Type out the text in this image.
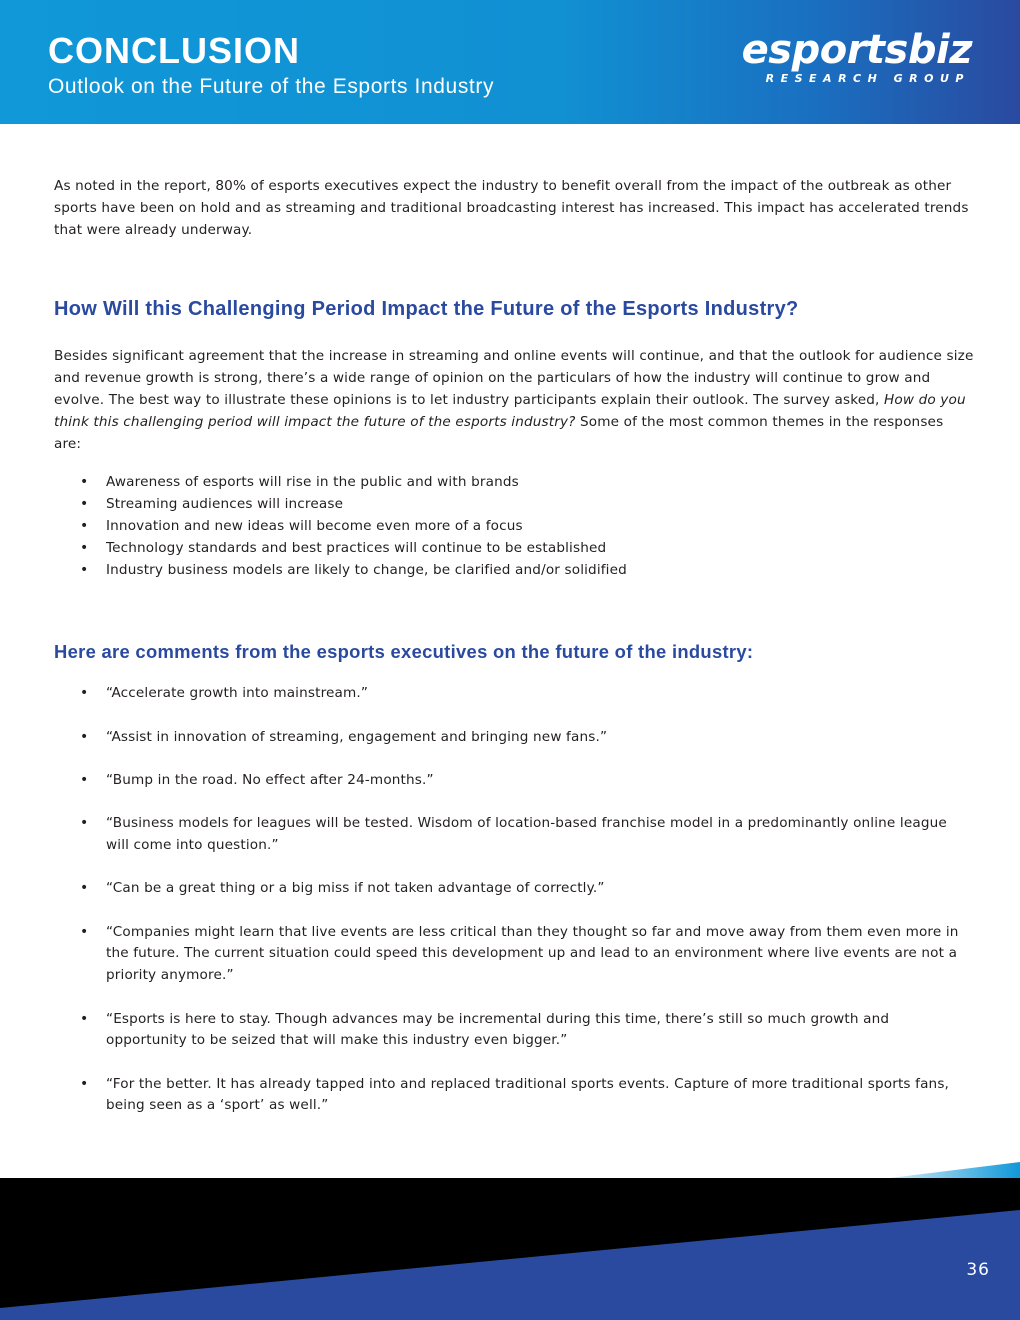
CONCLUSION
Outlook on the Future of the Esports Industry
esportsbiz
RESEARCH GROUP

As noted in the report, 80% of esports executives expect the industry to benefit overall from the impact of the outbreak as other sports have been on hold and as streaming and traditional broadcasting interest has increased. This impact has accelerated trends that were already underway.

How Will this Challenging Period Impact the Future of the Esports Industry?

Besides significant agreement that the increase in streaming and online events will continue, and that the outlook for audience size and revenue growth is strong, there’s a wide range of opinion on the particulars of how the industry will continue to grow and evolve. The best way to illustrate these opinions is to let industry participants explain their outlook. The survey asked, How do you think this challenging period will impact the future of the esports industry? Some of the most common themes in the responses are:

• Awareness of esports will rise in the public and with brands
• Streaming audiences will increase
• Innovation and new ideas will become even more of a focus
• Technology standards and best practices will continue to be established
• Industry business models are likely to change, be clarified and/or solidified
Here are comments from the esports executives on the future of the industry:
• “Accelerate growth into mainstream.”
• “Assist in innovation of streaming, engagement and bringing new fans.”
• “Bump in the road. No effect after 24-months.”
• “Business models for leagues will be tested. Wisdom of location-based franchise model in a predominantly online league will come into question.”
• “Can be a great thing or a big miss if not taken advantage of correctly.”
• “Companies might learn that live events are less critical than they thought so far and move away from them even more in the future. The current situation could speed this development up and lead to an environment where live events are not a priority anymore.”
• “Esports is here to stay. Though advances may be incremental during this time, there’s still so much growth and opportunity to be seized that will make this industry even bigger.”
• “For the better. It has already tapped into and replaced traditional sports events. Capture of more traditional sports fans, being seen as a ‘sport’ as well.”
36
